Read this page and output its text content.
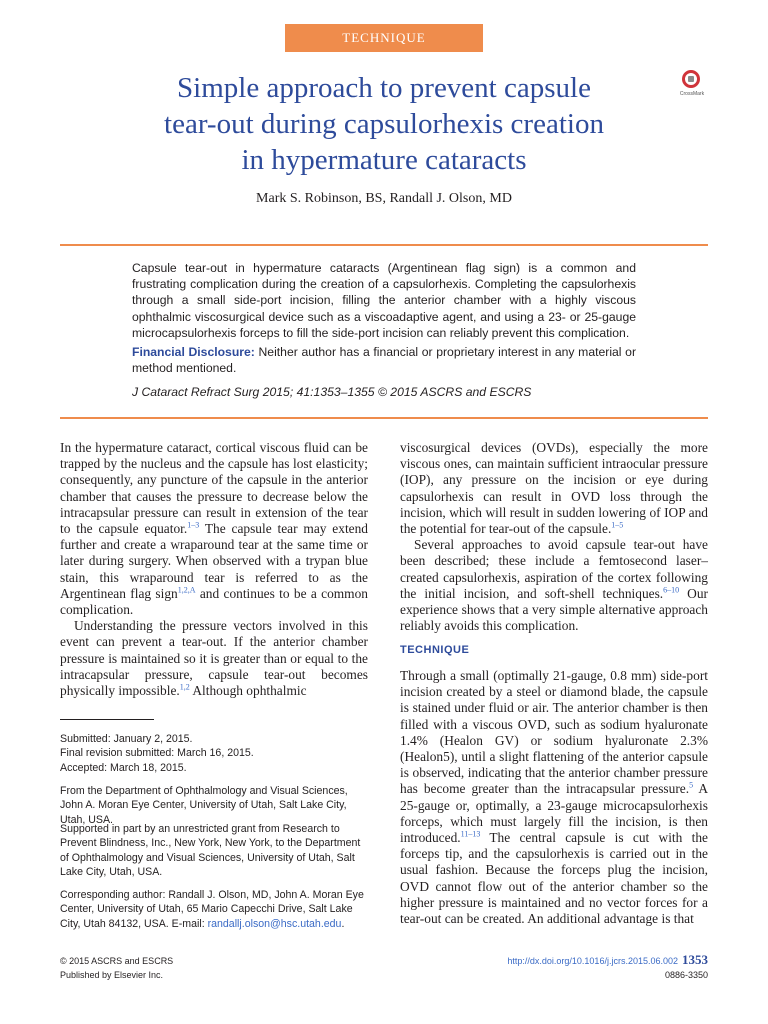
TECHNIQUE
CrossMark
Simple approach to prevent capsule
tear-out during capsulorhexis creation
in hypermature cataracts
Mark S. Robinson, BS, Randall J. Olson, MD
Capsule tear-out in hypermature cataracts (Argentinean flag sign) is a common and frustrating complication during the creation of a capsulorhexis. Completing the capsulorhexis through a small side-port incision, filling the anterior chamber with a highly viscous ophthalmic viscosurgical device such as a viscoadaptive agent, and using a 23- or 25-gauge microcapsulorhexis forceps to fill the side-port incision can reliably prevent this complication.
Financial Disclosure: Neither author has a financial or proprietary interest in any material or method mentioned.
J Cataract Refract Surg 2015; 41:1353–1355 © 2015 ASCRS and ESCRS

In the hypermature cataract, cortical viscous fluid can be trapped by the nucleus and the capsule has lost elasticity; consequently, any puncture of the capsule in the anterior chamber that causes the pressure to decrease below the intracapsular pressure can result in extension of the tear to the capsule equator.$^{1-3}$ The capsule tear may extend further and create a wraparound tear at the same time or later during surgery. When observed with a trypan blue stain, this wraparound tear is referred to as the Argentinean flag sign$^{1,2,A}$ and continues to be a common complication.

Understanding the pressure vectors involved in this event can prevent a tear-out. If the anterior chamber pressure is maintained so it is greater than or equal to the intracapsular pressure, capsule tear-out becomes physically impossible.$^{1,2}$ Although ophthalmic

viscosurgical devices (OVDs), especially the more viscous ones, can maintain sufficient intraocular pressure (IOP), any pressure on the incision or eye during capsulorhexis can result in OVD loss through the incision, which will result in sudden lowering of IOP and the potential for tear-out of the capsule.$^{1-5}$

Several approaches to avoid capsule tear-out have been described; these include a femtosecond laser–created capsulorhexis, aspiration of the cortex following the initial incision, and soft-shell techniques.$^{6-10}$ Our experience shows that a very simple alternative approach reliably avoids this complication.

TECHNIQUE

Through a small (optimally 21-gauge, 0.8 mm) side-port incision created by a steel or diamond blade, the capsule is stained under fluid or air. The anterior chamber is then filled with a viscous OVD, such as sodium hyaluronate 1.4% (Healon GV) or sodium hyaluronate 2.3% (Healon5), until a slight flattening of the anterior capsule is observed, indicating that the anterior chamber pressure has become greater than the intracapsular pressure.$^5$ A 25-gauge or, optimally, a 23-gauge microcapsulorhexis forceps, which must largely fill the incision, is then introduced.$^{11-13}$ The central capsule is cut with the forceps tip, and the capsulorhexis is carried out in the usual fashion. Because the forceps plug the incision, OVD cannot flow out of the anterior chamber so the higher pressure is maintained and no vector forces for a tear-out can be created. An additional advantage is that

Submitted: January 2, 2015.
Final revision submitted: March 16, 2015.
Accepted: March 18, 2015.
From the Department of Ophthalmology and Visual Sciences, John A. Moran Eye Center, University of Utah, Salt Lake City, Utah, USA.
Supported in part by an unrestricted grant from Research to Prevent Blindness, Inc., New York, New York, to the Department of Ophthalmology and Visual Sciences, University of Utah, Salt Lake City, Utah, USA.
Corresponding author: Randall J. Olson, MD, John A. Moran Eye Center, University of Utah, 65 Mario Capecchi Drive, Salt Lake City, Utah 84132, USA. E-mail: randallj.olson@hsc.utah.edu.
© 2015 ASCRS and ESCRS
Published by Elsevier Inc.
http://dx.doi.org/10.1016/j.jcrs.2015.06.002 1353
0886-3350
